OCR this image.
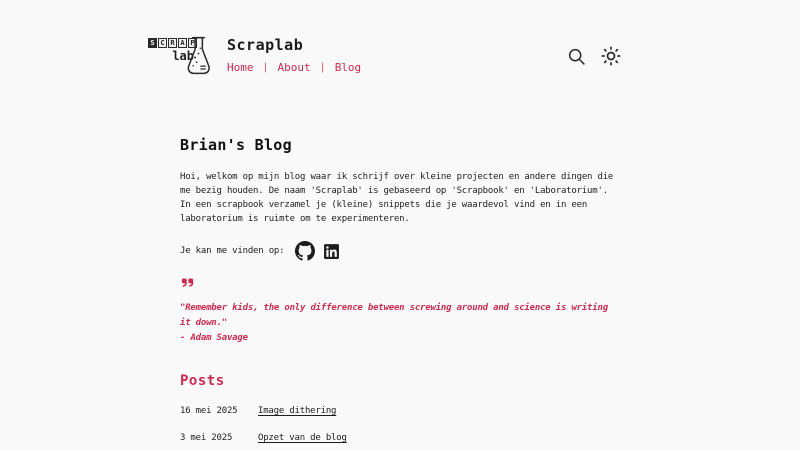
S C R A P
lab
Scraplab
Home | About | Blog
Brian's Blog

Hoi, welkom op mijn blog waar ik schrijf over kleine projecten en andere dingen die me bezig houden. De naam 'Scraplab' is gebaseerd op 'Scrapbook' en 'Laboratorium'. In een scrapbook verzamel je (kleine) snippets die je waardevol vind en in een laboratorium is ruimte om te experimenteren.

Je kan me vinden op:
"Remember kids, the only difference between screwing around and science is writing it down."
- Adam Savage
Posts
16 mei 2025	Image dithering
3 mei 2025	Opzet van de blog
